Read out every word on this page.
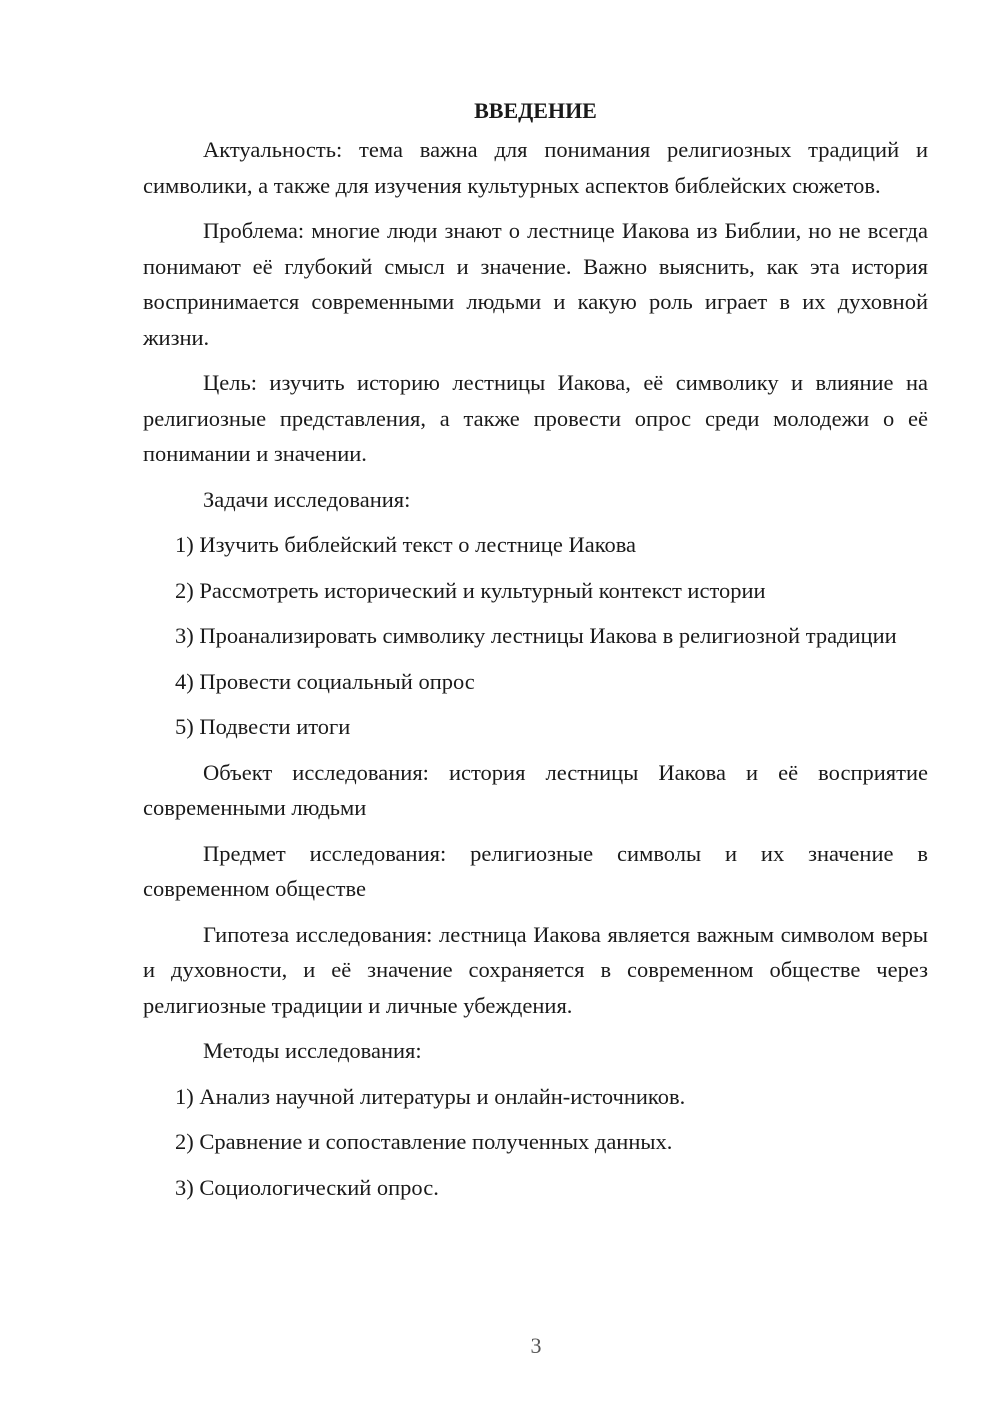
ВВЕДЕНИЕ

Актуальность: тема важна для понимания религиозных традиций и символики, а также для изучения культурных аспектов библейских сюжетов.

Проблема: многие люди знают о лестнице Иакова из Библии, но не всегда понимают её глубокий смысл и значение. Важно выяснить, как эта история воспринимается современными людьми и какую роль играет в их духовной жизни.

Цель: изучить историю лестницы Иакова, её символику и влияние на религиозные представления, а также провести опрос среди молодежи о её понимании и значении.

Задачи исследования:

1) Изучить библейский текст о лестнице Иакова

2) Рассмотреть исторический и культурный контекст истории

3) Проанализировать символику лестницы Иакова в религиозной традиции

4) Провести социальный опрос

5) Подвести итоги

Объект исследования: история лестницы Иакова и её восприятие современными людьми

Предмет исследования: религиозные символы и их значение в современном обществе

Гипотеза исследования: лестница Иакова является важным символом веры и духовности, и её значение сохраняется в современном обществе через религиозные традиции и личные убеждения.

Методы исследования:

1) Анализ научной литературы и онлайн-источников.

2) Сравнение и сопоставление полученных данных.

3) Социологический опрос.

3
